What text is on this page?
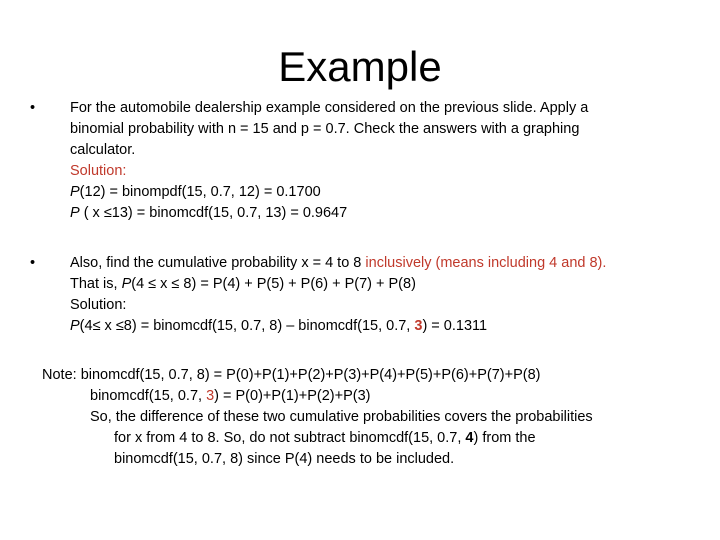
Example
•	For the automobile dealership example considered on the previous slide. Apply a
binomial probability with n = 15 and p = 0.7. Check the answers with a graphing
calculator.
Solution:
P(12) = binompdf(15, 0.7, 12) = 0.1700
P ( x ≤13) = binomcdf(15, 0.7, 13) = 0.9647
•	Also, find the cumulative probability x = 4 to 8 inclusively (means including 4 and 8).
That is, P(4 ≤ x ≤ 8) = P(4) + P(5) + P(6) + P(7) + P(8)
Solution:
P(4≤ x ≤8) = binomcdf(15, 0.7, 8) – binomcdf(15, 0.7, 3) = 0.1311
Note: binomcdf(15, 0.7, 8) = P(0)+P(1)+P(2)+P(3)+P(4)+P(5)+P(6)+P(7)+P(8)
binomcdf(15, 0.7, 3) = P(0)+P(1)+P(2)+P(3)
So, the difference of these two cumulative probabilities covers the probabilities
for x from 4 to 8. So, do not subtract binomcdf(15, 0.7, 4) from the
binomcdf(15, 0.7, 8) since P(4) needs to be included.
